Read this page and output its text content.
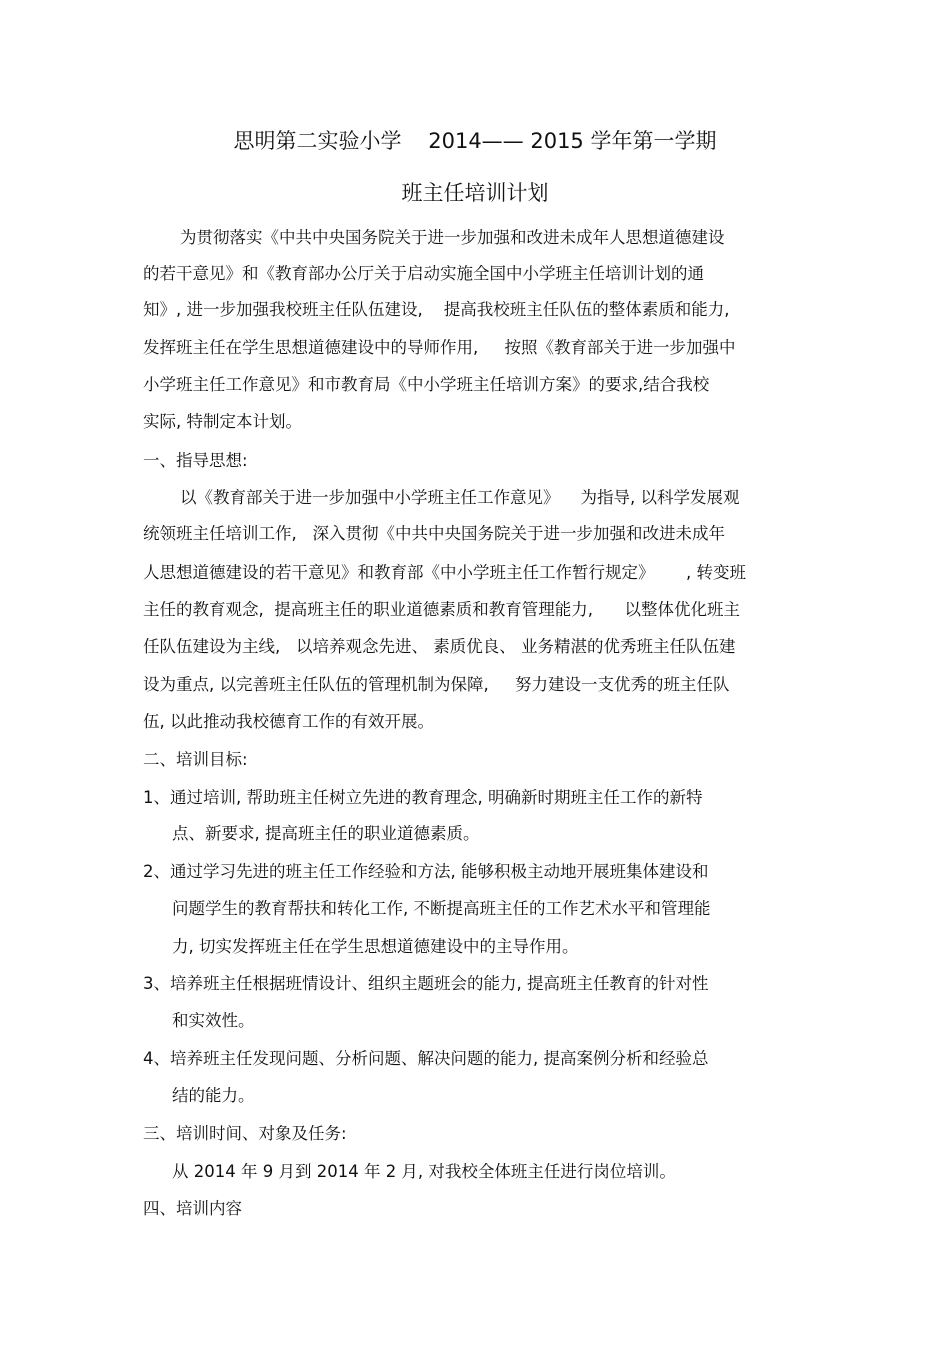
思明第二实验小学    2014—— 2015 学年第一学期
班主任培训计划
为贯彻落实《中共中央国务院关于进一步加强和改进未成年人思想道德建设
的若干意见》和《教育部办公厅关于启动实施全国中小学班主任培训计划的通
知》, 进一步加强我校班主任队伍建设,    提高我校班主任队伍的整体素质和能力,
发挥班主任在学生思想道德建设中的导师作用,     按照《教育部关于进一步加强中
小学班主任工作意见》和市教育局《中小学班主任培训方案》的要求,结合我校
实际, 特制定本计划。
一、指导思想:
以《教育部关于进一步加强中小学班主任工作意见》    为指导, 以科学发展观
统领班主任培训工作,   深入贯彻《中共中央国务院关于进一步加强和改进未成年
人思想道德建设的若干意见》和教育部《中小学班主任工作暂行规定》      , 转变班
主任的教育观念,  提高班主任的职业道德素质和教育管理能力,      以整体优化班主
任队伍建设为主线,   以培养观念先进、 素质优良、 业务精湛的优秀班主任队伍建
设为重点, 以完善班主任队伍的管理机制为保障,     努力建设一支优秀的班主任队
伍, 以此推动我校德育工作的有效开展。
二、培训目标:
1、通过培训, 帮助班主任树立先进的教育理念, 明确新时期班主任工作的新特
点、新要求, 提高班主任的职业道德素质。
2、通过学习先进的班主任工作经验和方法, 能够积极主动地开展班集体建设和
问题学生的教育帮扶和转化工作, 不断提高班主任的工作艺术水平和管理能
力, 切实发挥班主任在学生思想道德建设中的主导作用。
3、培养班主任根据班情设计、组织主题班会的能力, 提高班主任教育的针对性
和实效性。
4、培养班主任发现问题、分析问题、解决问题的能力, 提高案例分析和经验总
结的能力。
三、培训时间、对象及任务:
从 2014 年 9 月到 2014 年 2 月, 对我校全体班主任进行岗位培训。
四、培训内容
